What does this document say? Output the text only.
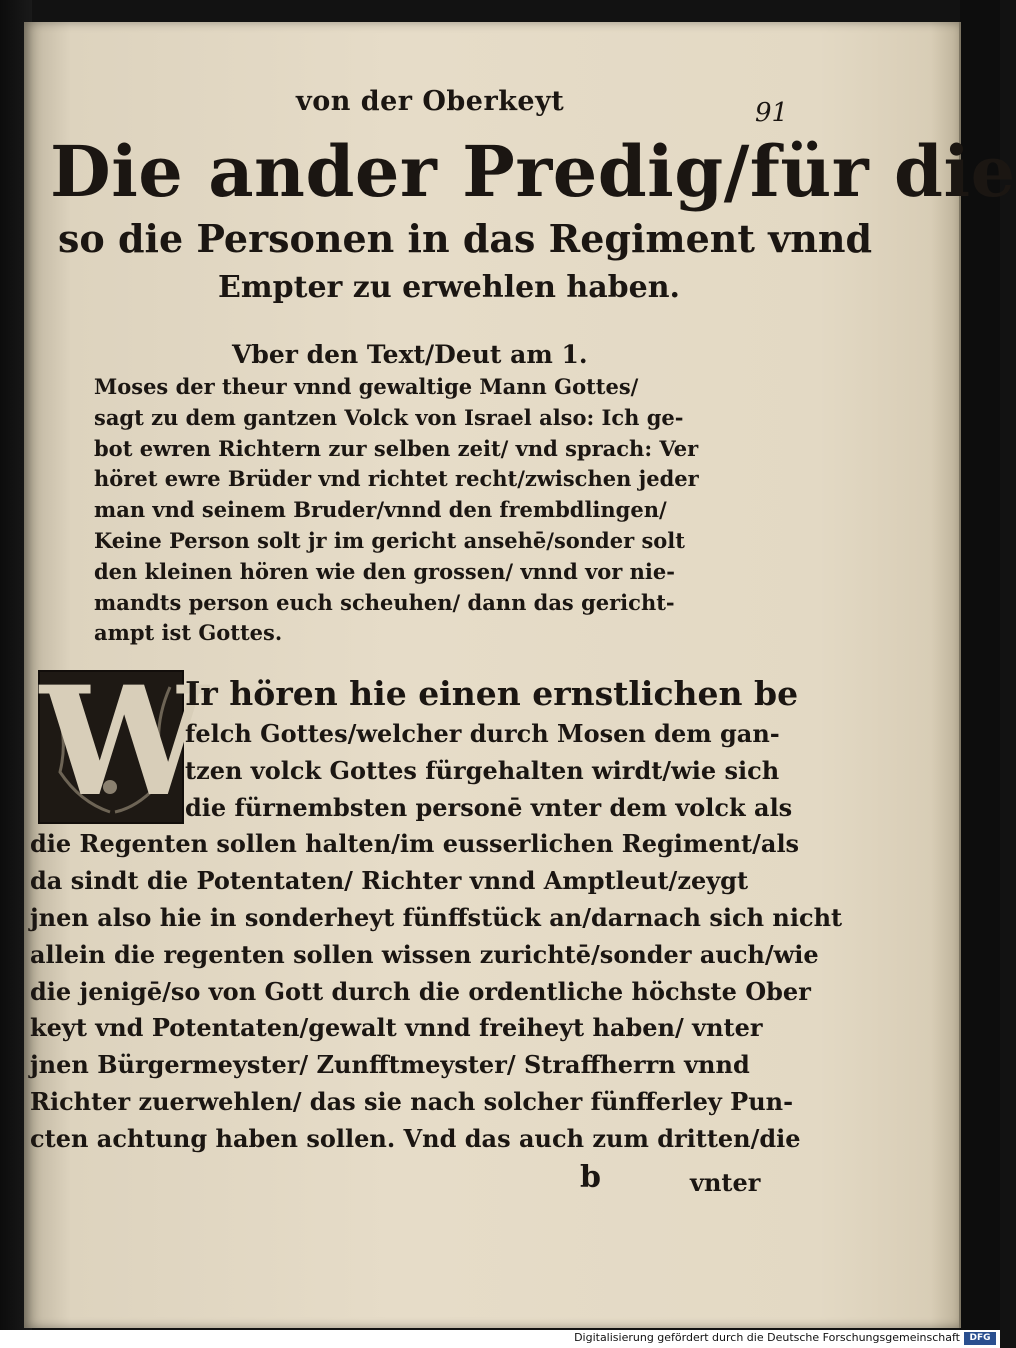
von der Oberkeyt	91
Die ander Predig/für die
so die Personen in das Regiment vnnd
Empter zu erwehlen haben.
Vber den Text/Deut am 1.
Moses der theur vnnd gewaltige Mann Gottes/
sagt zu dem gantzen Volck von Israel also: Ich ge-
bot ewren Richtern zur selben zeit/ vnd sprach: Ver
höret ewre Brüder vnd richtet recht/zwischen jeder
man vnd seinem Bruder/vnnd den frembdlingen/
Keine Person solt jr im gericht ansehē/sonder solt
den kleinen hören wie den grossen/ vnnd vor nie-
mandts person euch scheuhen/ dann das gericht-
ampt ist Gottes.
W
Ir hören hie einen ernstlichen be
felch Gottes/welcher durch Mosen dem gan-
tzen volck Gottes fürgehalten wirdt/wie sich
die fürnembsten personē vnter dem volck als
die Regenten sollen halten/im eusserlichen Regiment/als
da sindt die Potentaten/ Richter vnnd Amptleut/zeygt
jnen also hie in sonderheyt fünffstück an/darnach sich nicht
allein die regenten sollen wissen zurichtē/sonder auch/wie
die jenigē/so von Gott durch die ordentliche höchste Ober
keyt vnd Potentaten/gewalt vnnd freiheyt haben/ vnter
jnen Bürgermeyster/ Zunfftmeyster/ Straffherrn vnnd
Richter zuerwehlen/ das sie nach solcher fünfferley Pun-
cten achtung haben sollen. Vnd das auch zum dritten/die
b	vnter
Digitalisierung gefördert durch die Deutsche Forschungsgemeinschaft	DFG
